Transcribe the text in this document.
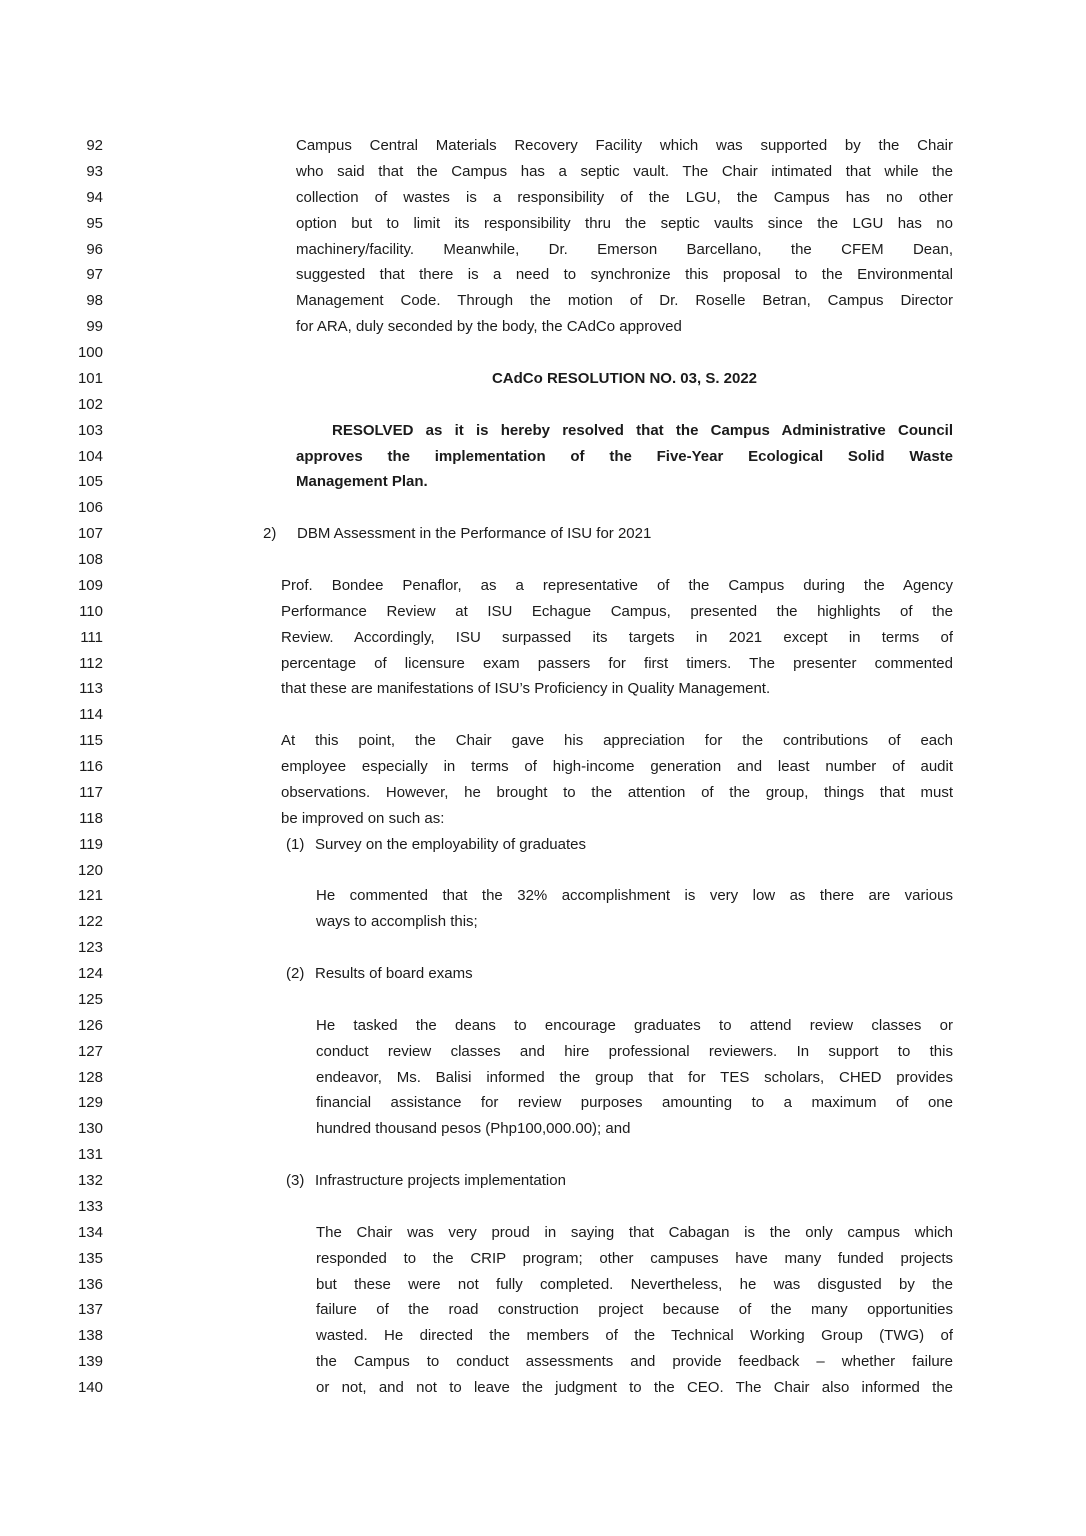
92	Campus Central Materials Recovery Facility which was supported by the Chair
93	who said that the Campus has a septic vault. The Chair intimated that while the
94	collection of wastes is a responsibility of the LGU, the Campus has no other
95	option but to limit its responsibility thru the septic vaults since the LGU has no
96	machinery/facility. Meanwhile, Dr. Emerson Barcellano, the CFEM Dean,
97	suggested that there is a need to synchronize this proposal to the Environmental
98	Management Code. Through the motion of Dr. Roselle Betran, Campus Director
99	for ARA, duly seconded by the body, the CAdCo approved
100
101	CAdCo RESOLUTION NO. 03, S. 2022
102
103	RESOLVED as it is hereby resolved that the Campus Administrative Council
104	approves the implementation of the Five-Year Ecological Solid Waste
105	Management Plan.
106
107	2) DBM Assessment in the Performance of ISU for 2021
108
109	Prof. Bondee Penaflor, as a representative of the Campus during the Agency
110	Performance Review at ISU Echague Campus, presented the highlights of the
111	Review. Accordingly, ISU surpassed its targets in 2021 except in terms of
112	percentage of licensure exam passers for first timers. The presenter commented
113	that these are manifestations of ISU’s Proficiency in Quality Management.
114
115	At this point, the Chair gave his appreciation for the contributions of each
116	employee especially in terms of high-income generation and least number of audit
117	observations. However, he brought to the attention of the group, things that must
118	be improved on such as:
119	(1) Survey on the employability of graduates
120
121	He commented that the 32% accomplishment is very low as there are various
122	ways to accomplish this;
123
124	(2) Results of board exams
125
126	He tasked the deans to encourage graduates to attend review classes or
127	conduct review classes and hire professional reviewers. In support to this
128	endeavor, Ms. Balisi informed the group that for TES scholars, CHED provides
129	financial assistance for review purposes amounting to a maximum of one
130	hundred thousand pesos (Php100,000.00); and
131
132	(3) Infrastructure projects implementation
133
134	The Chair was very proud in saying that Cabagan is the only campus which
135	responded to the CRIP program; other campuses have many funded projects
136	but these were not fully completed. Nevertheless, he was disgusted by the
137	failure of the road construction project because of the many opportunities
138	wasted. He directed the members of the Technical Working Group (TWG) of
139	the Campus to conduct assessments and provide feedback – whether failure
140	or not, and not to leave the judgment to the CEO. The Chair also informed the
